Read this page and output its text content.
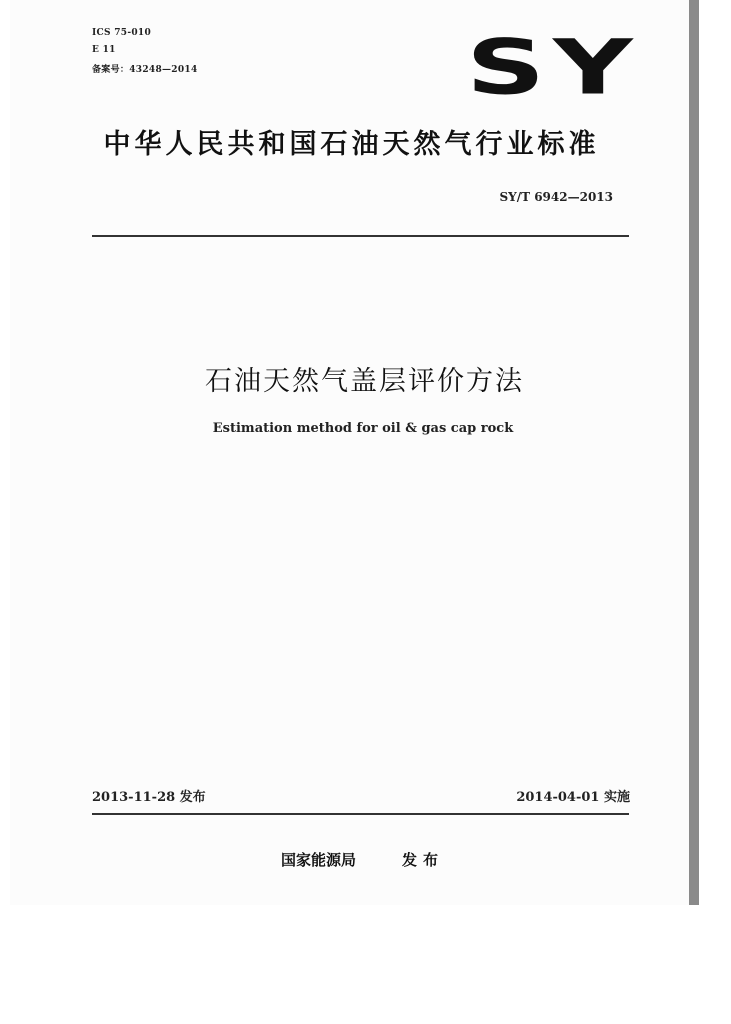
ICS 75-010
E 11
备案号：43248—2014	SY
中华人民共和国石油天然气行业标准
SY/T 6942—2013
石油天然气盖层评价方法
Estimation method for oil & gas cap rock
2013-11-28 发布	2014-04-01 实施
国家能源局	发布
